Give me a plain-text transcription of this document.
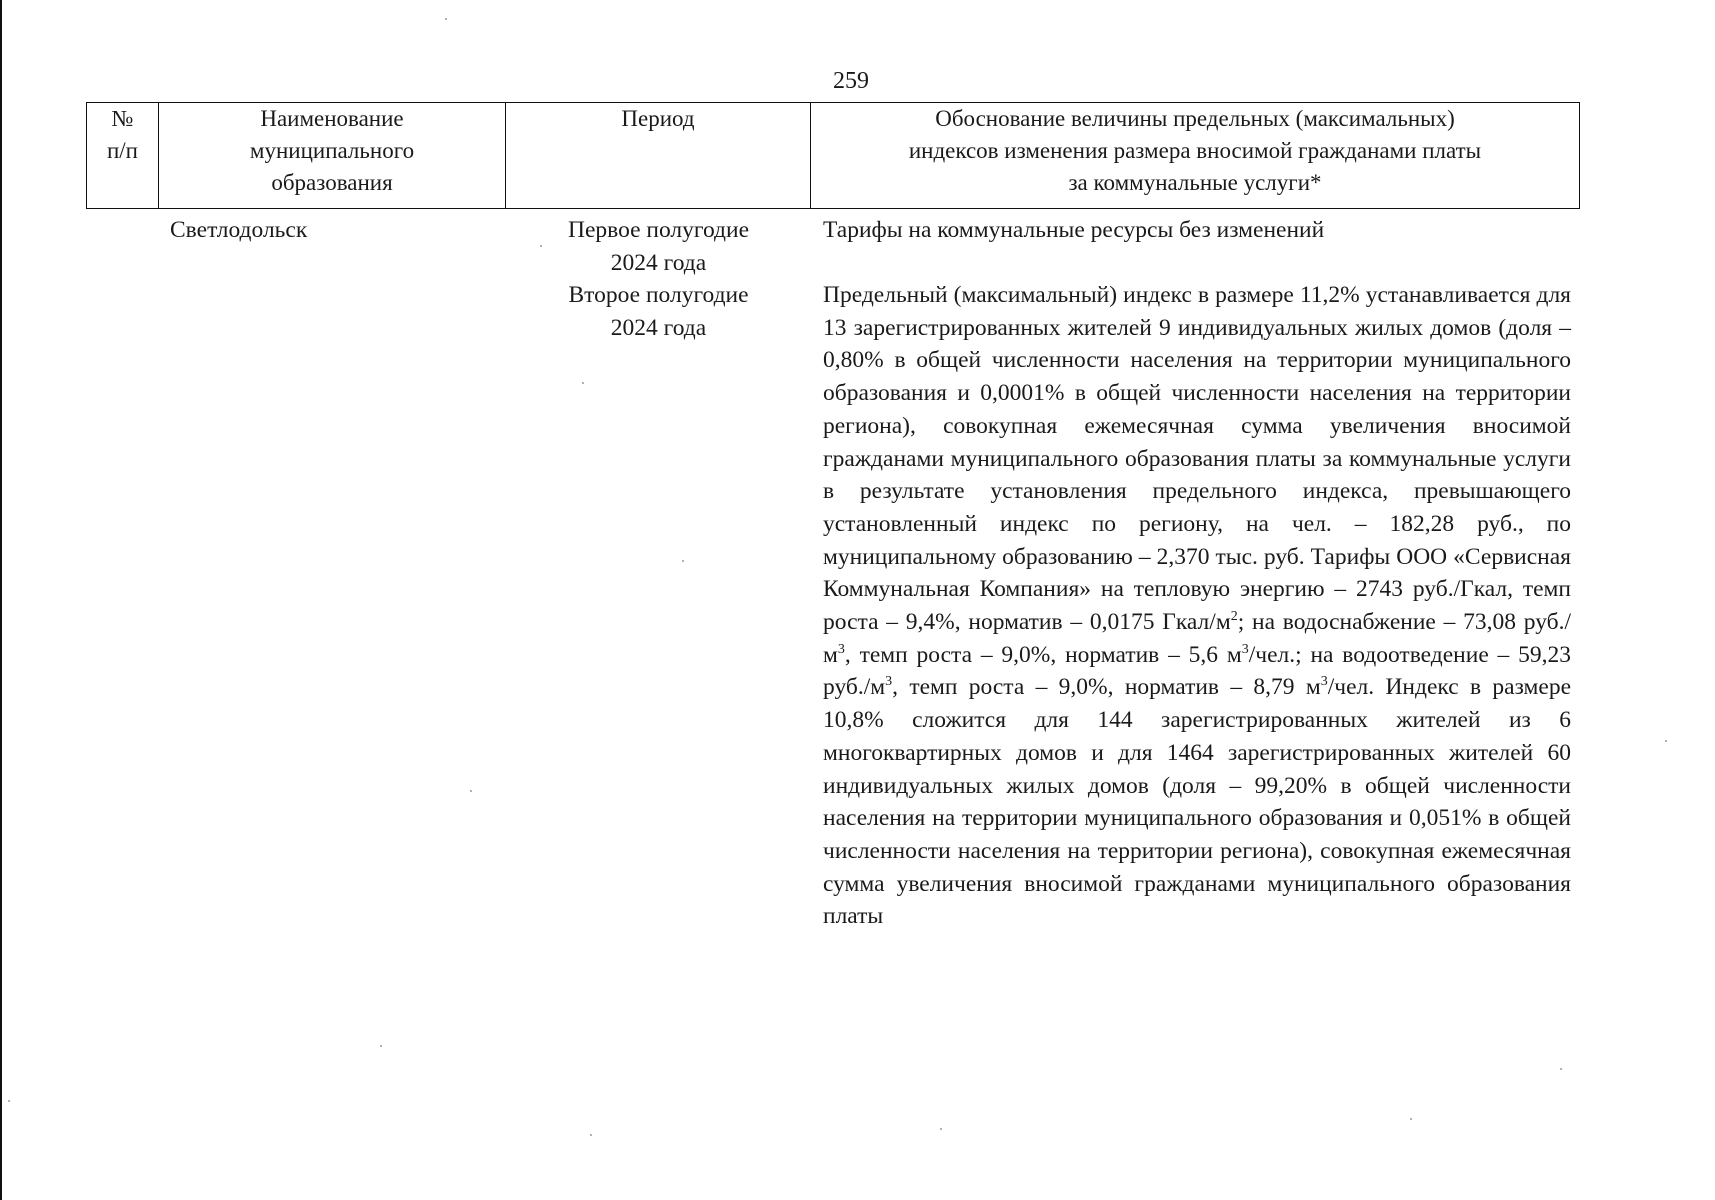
259
№
п/п
Наименование
муниципального
образования
Период	Обоснование величины предельных (максимальных)
индексов изменения размера вносимой гражданами платы
за коммунальные услуги*
Светлодольск	Первое полугодие
2024 года
Тарифы на коммунальные ресурсы без изменений
Второе полугодие
2024 года
Предельный (максимальный) индекс в размере 11,2% устанавливается для 13 зарегистрированных жителей 9 индивидуальных жилых домов (доля – 0,80% в общей численности населения на территории муниципального образования и 0,0001% в общей численности населения на территории региона), совокупная ежемесячная сумма увеличения вносимой гражданами муниципального образования платы за коммунальные услуги в результате установления предельного индекса, превышающего установленный индекс по региону, на чел. – 182,28 руб., по муниципальному образованию – 2,370 тыс. руб. Тарифы ООО «Сервисная Коммунальная Компания» на тепловую энергию – 2743 руб./Гкал, темп роста – 9,4%, норматив – 0,0175 Гкал/$м^2$; на водоснабжение – 73,08 $руб./м^3$, темп роста – 9,0%, норматив – 5,6 $м^3$/чел.; на водоотведение – 59,23 $руб./м^3$, темп роста – 9,0%, норматив – 8,79 $м^3$/чел. Индекс в размере 10,8% сложится для 144 зарегистрированных жителей из 6 многоквартирных домов и для 1464 зарегистрированных жителей 60 индивидуальных жилых домов (доля – 99,20% в общей численности населения на территории муниципального образования и 0,051% в общей численности населения на территории региона), совокупная ежемесячная сумма увеличения вносимой гражданами муниципального образования платы
